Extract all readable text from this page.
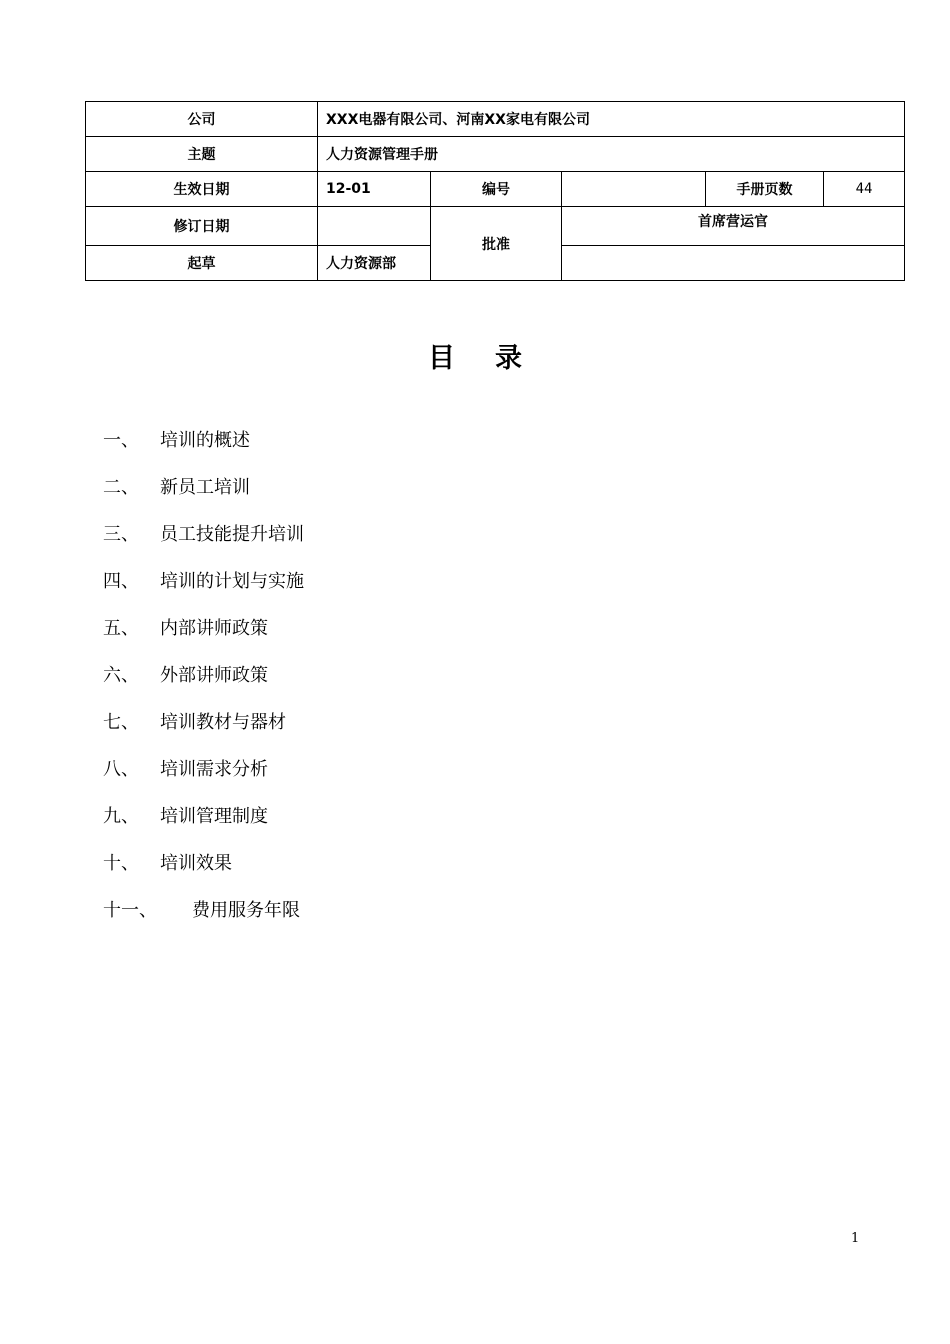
公司	XXX电器有限公司、河南XX家电有限公司				
主题	人力资源管理手册				
生效日期	12-01	编号		手册页数	44
修订日期		批准	首席营运官		
起草	人力资源部				
目 录
一、 培训的概述
二、 新员工培训
三、 员工技能提升培训
四、 培训的计划与实施
五、 内部讲师政策
六、 外部讲师政策
七、 培训教材与器材
八、 培训需求分析
九、 培训管理制度
十、 培训效果
十一、 费用服务年限
1
